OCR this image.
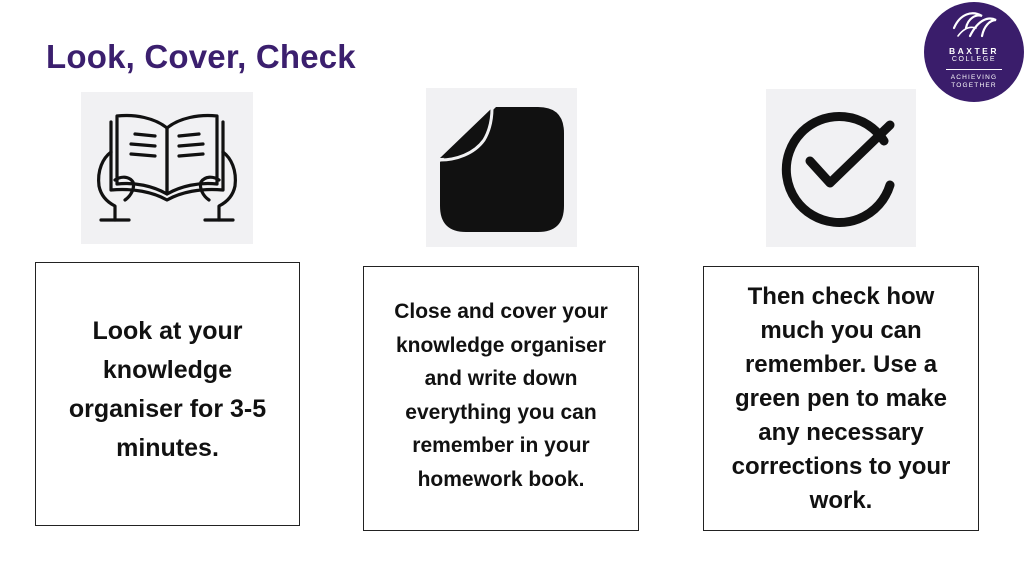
Look, Cover, Check	BAXTER
COLLEGE
ACHIEVING
TOGETHER
Look at your knowledge organiser for 3-5 minutes.
Close and cover your knowledge organiser and write down everything you can remember in your homework book.
Then check how much you can remember. Use a green pen to make any necessary corrections to your work.
